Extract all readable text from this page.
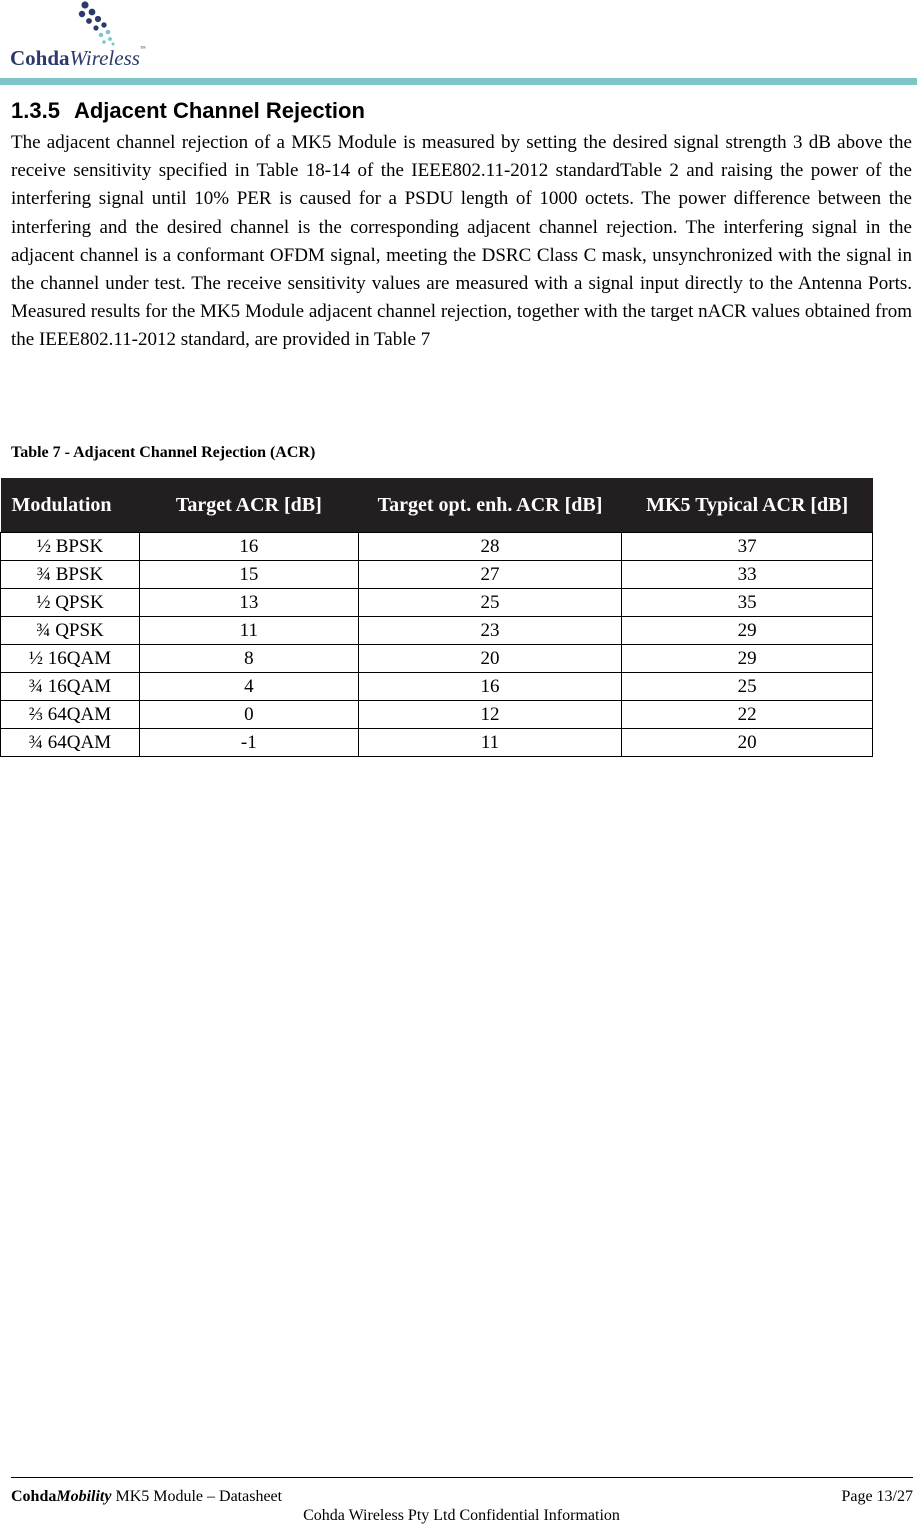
CohdaWireless™
1.3.5 Adjacent Channel Rejection

The adjacent channel rejection of a MK5 Module is measured by setting the desired signal strength 3 dB above the receive sensitivity specified in Table 18-14 of the IEEE802.11-2012 standardTable 2 and raising the power of the interfering signal until 10% PER is caused for a PSDU length of 1000 octets. The power difference between the interfering and the desired channel is the corresponding adjacent channel rejection. The interfering signal in the adjacent channel is a conformant OFDM signal, meeting the DSRC Class C mask, unsynchronized with the signal in the channel under test. The receive sensitivity values are measured with a signal input directly to the Antenna Ports. Measured results for the MK5 Module adjacent channel rejection, together with the target nACR values obtained from the IEEE802.11-2012 standard, are provided in Table 7

Table 7 - Adjacent Channel Rejection (ACR)

Modulation	Target ACR [dB]	Target opt. enh. ACR [dB]	MK5 Typical ACR [dB]
½ BPSK	16	28	37
¾ BPSK	15	27	33
½ QPSK	13	25	35
¾ QPSK	11	23	29
½ 16QAM	8	20	29
¾ 16QAM	4	16	25
⅔ 64QAM	0	12	22
¾ 64QAM	-1	11	20
CohdaMobility MK5 Module – Datasheet	Page 13/27
Cohda Wireless Pty Ltd Confidential Information
